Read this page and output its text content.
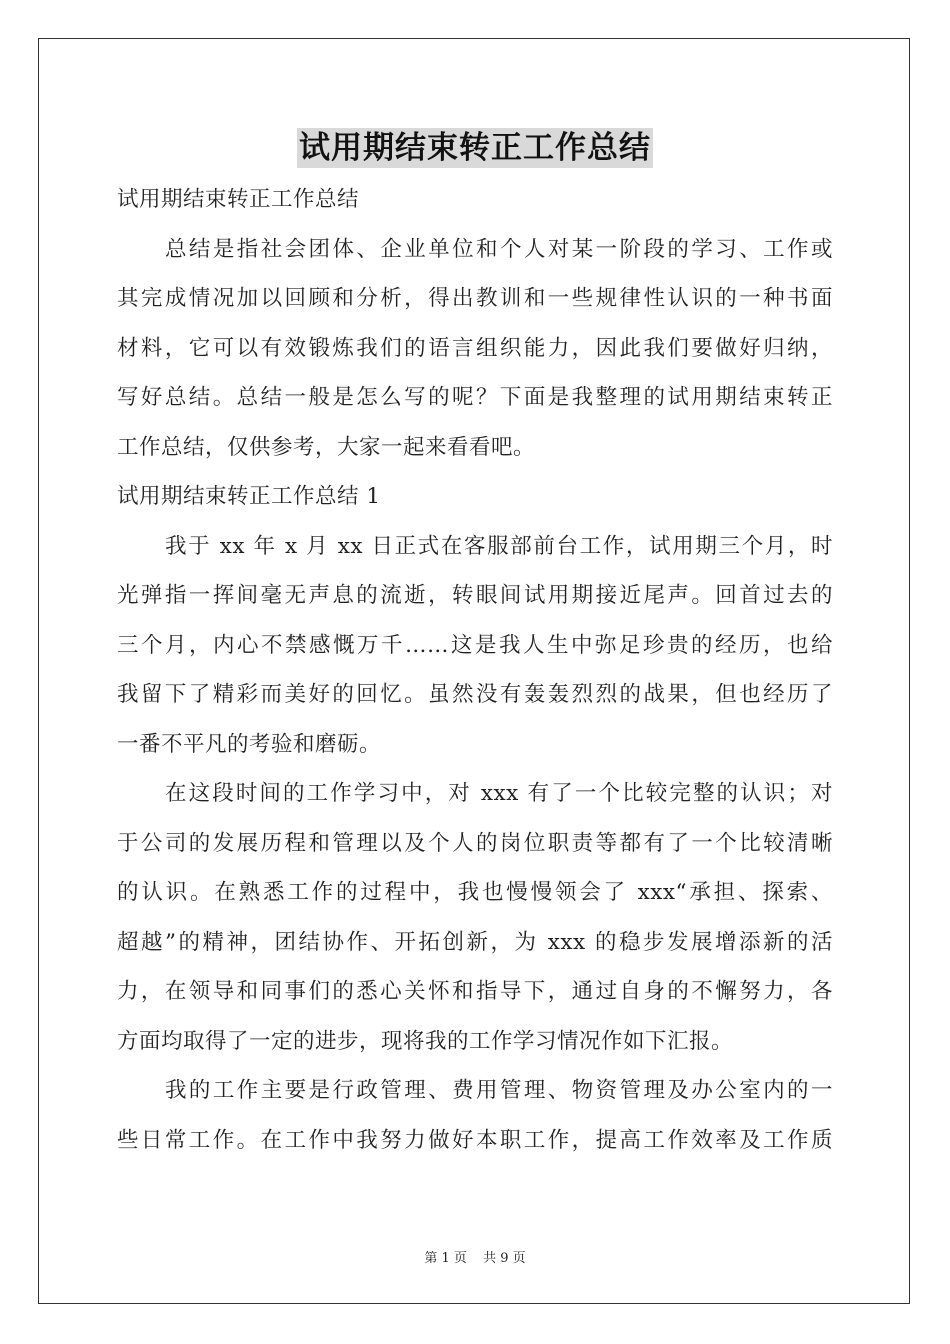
试用期结束转正工作总结
试用期结束转正工作总结
总结是指社会团体、企业单位和个人对某一阶段的学习、工作或
其完成情况加以回顾和分析，得出教训和一些规律性认识的一种书面
材料，它可以有效锻炼我们的语言组织能力，因此我们要做好归纳，
写好总结。总结一般是怎么写的呢？下面是我整理的试用期结束转正
工作总结，仅供参考，大家一起来看看吧。
试用期结束转正工作总结 1
我于 xx 年 x 月 xx 日正式在客服部前台工作，试用期三个月，时
光弹指一挥间毫无声息的流逝，转眼间试用期接近尾声。回首过去的
三个月，内心不禁感慨万千……这是我人生中弥足珍贵的经历，也给
我留下了精彩而美好的回忆。虽然没有轰轰烈烈的战果，但也经历了
一番不平凡的考验和磨砺。
在这段时间的工作学习中，对 xxx 有了一个比较完整的认识；对
于公司的发展历程和管理以及个人的岗位职责等都有了一个比较清晰
的认识。在熟悉工作的过程中，我也慢慢领会了 xxx“承担、探索、
超越”的精神，团结协作、开拓创新，为 xxx 的稳步发展增添新的活
力，在领导和同事们的悉心关怀和指导下，通过自身的不懈努力，各
方面均取得了一定的进步，现将我的工作学习情况作如下汇报。
我的工作主要是行政管理、费用管理、物资管理及办公室内的一
些日常工作。在工作中我努力做好本职工作，提高工作效率及工作质
第 1 页 共 9 页
